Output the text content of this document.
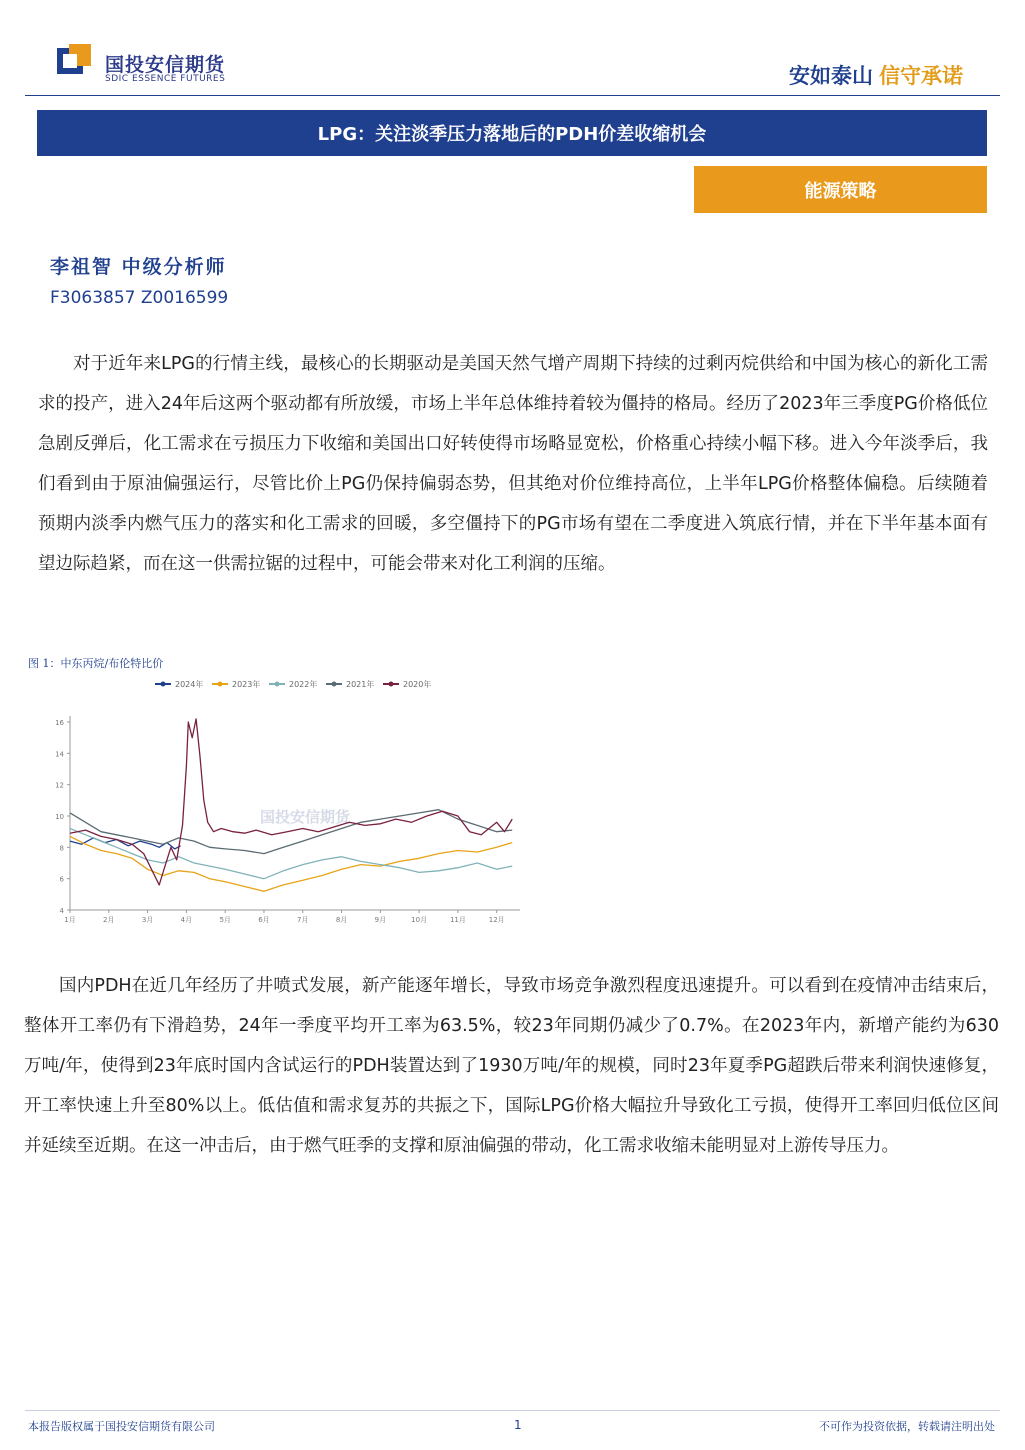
国投安信期货
SDIC ESSENCE FUTURES	安如泰山 信守承诺
LPG：关注淡季压力落地后的PDH价差收缩机会
能源策略
李祖智 中级分析师
F3063857 Z0016599

对于近年来LPG的行情主线，最核心的长期驱动是美国天然气增产周期下持续的过剩丙烷供给和中国为核心的新化工需求的投产，进入24年后这两个驱动都有所放缓，市场上半年总体维持着较为僵持的格局。经历了2023年三季度PG价格低位急剧反弹后，化工需求在亏损压力下收缩和美国出口好转使得市场略显宽松，价格重心持续小幅下移。进入今年淡季后，我们看到由于原油偏强运行，尽管比价上PG仍保持偏弱态势，但其绝对价位维持高位，上半年LPG价格整体偏稳。后续随着预期内淡季内燃气压力的落实和化工需求的回暖，多空僵持下的PG市场有望在二季度进入筑底行情，并在下半年基本面有望边际趋紧，而在这一供需拉锯的过程中，可能会带来对化工利润的压缩。

图 1：中东丙烷/布伦特比价
2024年	2023年	2022年	2021年	2020年
国投安信期货
4
6
8
10
12
14
16
1月	2月	3月	4月	5月	6月	7月	8月	9月	10月	11月	12月

国内PDH在近几年经历了井喷式发展，新产能逐年增长，导致市场竞争激烈程度迅速提升。可以看到在疫情冲击结束后，整体开工率仍有下滑趋势，24年一季度平均开工率为63.5%，较23年同期仍减少了0.7%。在2023年内，新增产能约为630万吨/年，使得到23年底时国内含试运行的PDH装置达到了1930万吨/年的规模，同时23年夏季PG超跌后带来利润快速修复，开工率快速上升至80%以上。低估值和需求复苏的共振之下，国际LPG价格大幅拉升导致化工亏损，使得开工率回归低位区间并延续至近期。在这一冲击后，由于燃气旺季的支撑和原油偏强的带动，化工需求收缩未能明显对上游传导压力。

本报告版权属于国投安信期货有限公司	1	不可作为投资依据，转载请注明出处
